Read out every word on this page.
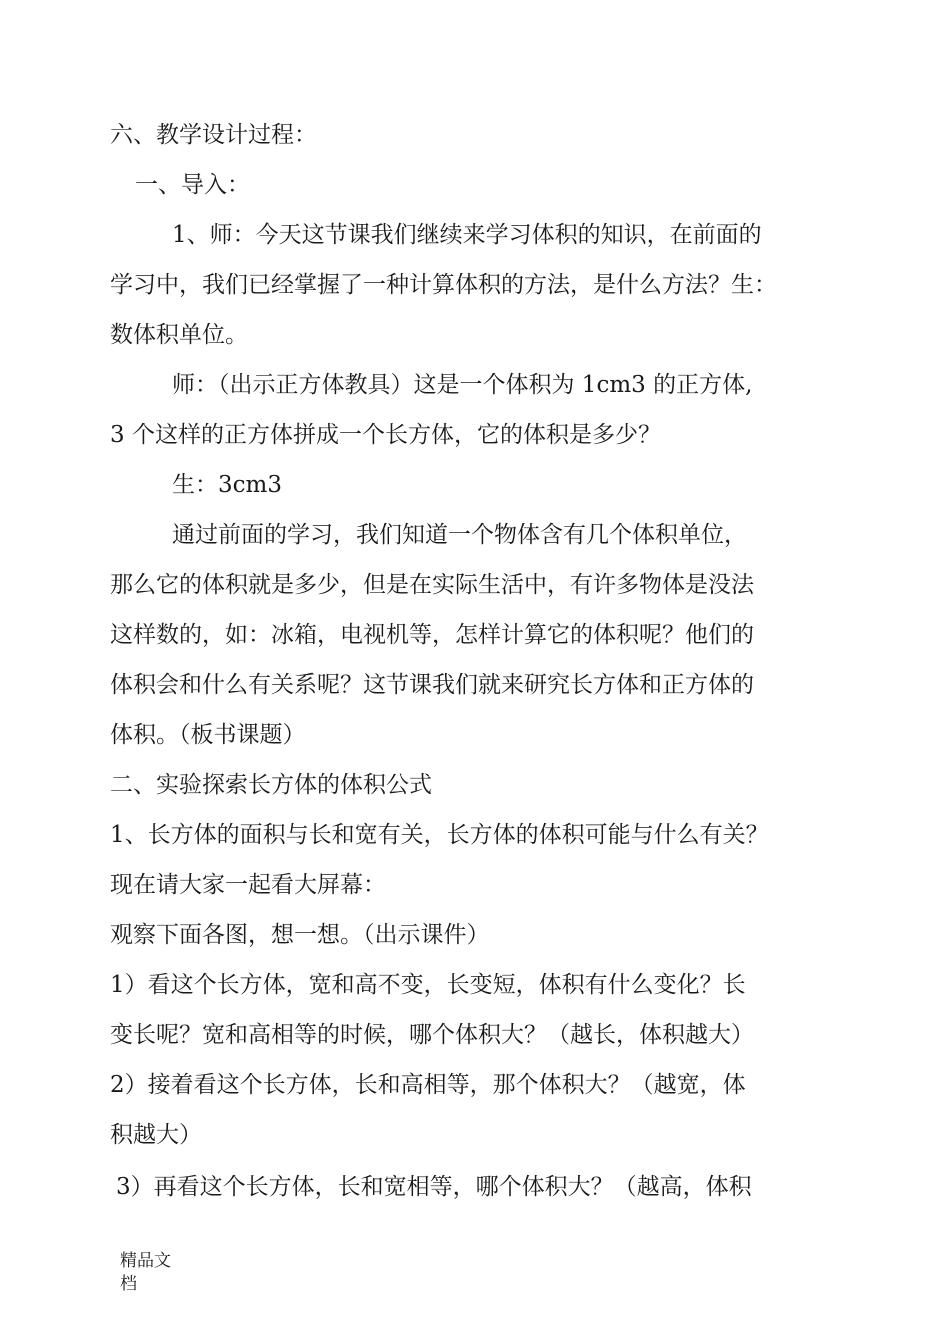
六、教学设计过程：
一、导入：
1、师：今天这节课我们继续来学习体积的知识，在前面的
学习中，我们已经掌握了一种计算体积的方法，是什么方法？生：
数体积单位。
师：（出示正方体教具）这是一个体积为 1cm3 的正方体,
3 个这样的正方体拼成一个长方体，它的体积是多少？
生：3cm3
通过前面的学习，我们知道一个物体含有几个体积单位，
那么它的体积就是多少，但是在实际生活中，有许多物体是没法
这样数的，如：冰箱，电视机等，怎样计算它的体积呢？他们的
体积会和什么有关系呢？这节课我们就来研究长方体和正方体的
体积。（板书课题）
二、实验探索长方体的体积公式
1、长方体的面积与长和宽有关，长方体的体积可能与什么有关？
现在请大家一起看大屏幕：
观察下面各图，想一想。（出示课件）
1）看这个长方体，宽和高不变，长变短，体积有什么变化？长
变长呢？宽和高相等的时候，哪个体积大？（越长，体积越大）
2）接着看这个长方体，长和高相等，那个体积大？（越宽，体
积越大）
3）再看这个长方体，长和宽相等，哪个体积大？（越高，体积
精品文
档
